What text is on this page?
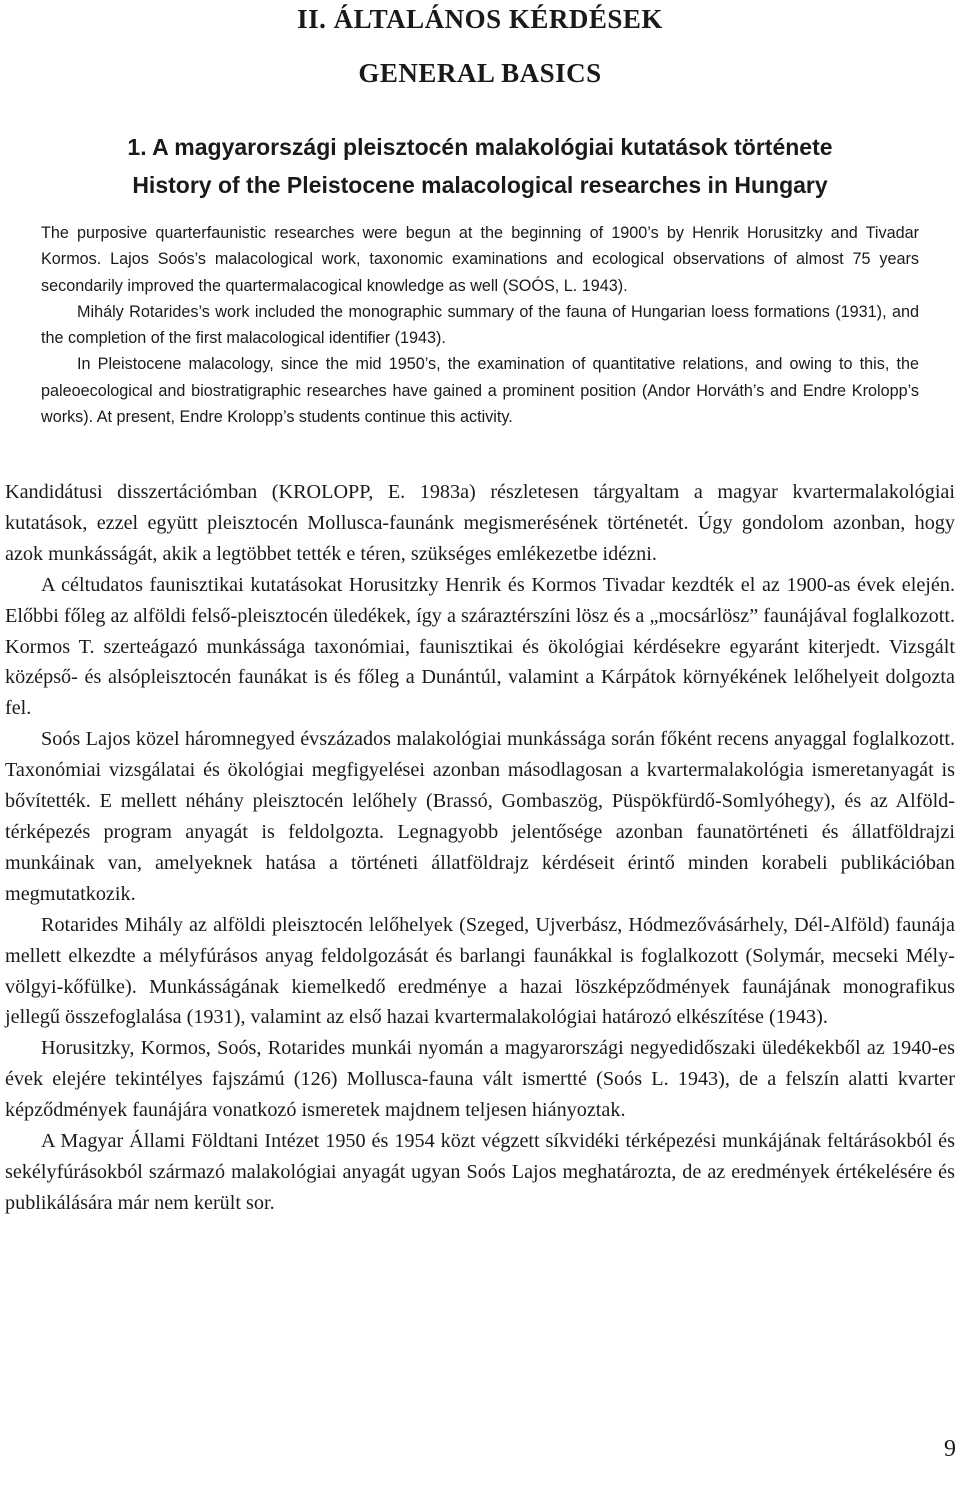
II. ÁLTALÁNOS KÉRDÉSEK
GENERAL BASICS
1. A magyarországi pleisztocén malakológiai kutatások története
History of the Pleistocene malacological researches in Hungary

The purposive quarterfaunistic researches were begun at the beginning of 1900’s by Henrik Horusitzky and Tivadar Kormos. Lajos Soós’s malacological work, taxonomic examinations and ecological observations of almost 75 years secondarily improved the quartermalacogical knowledge as well (SOÓS, L. 1943).

Mihály Rotarides’s work included the monographic summary of the fauna of Hungarian loess formations (1931), and the completion of the first malacological identifier (1943).

In Pleistocene malacology, since the mid 1950’s, the examination of quantitative relations, and owing to this, the paleoecological and biostratigraphic researches have gained a prominent position (Andor Horváth’s and Endre Krolopp’s works). At present, Endre Krolopp’s students continue this activity.

Kandidátusi disszertációmban (KROLOPP, E. 1983a) részletesen tárgyaltam a magyar kvartermalakológiai kutatások, ezzel együtt pleisztocén Mollusca-faunánk megismerésének történetét. Úgy gondolom azonban, hogy azok munkásságát, akik a legtöbbet tették e téren, szükséges emlékezetbe idézni.

A céltudatos faunisztikai kutatásokat Horusitzky Henrik és Kormos Tivadar kezdték el az 1900-as évek elején. Előbbi főleg az alföldi felső-pleisztocén üledékek, így a száraztérszíni lösz és a „mocsárlösz” faunájával foglalkozott. Kormos T. szerteágazó munkássága taxonómiai, faunisztikai és ökológiai kérdésekre egyaránt kiterjedt. Vizsgált középső- és alsópleisztocén faunákat is és főleg a Dunántúl, valamint a Kárpátok környékének lelőhelyeit dolgozta fel.

Soós Lajos közel háromnegyed évszázados malakológiai munkássága során főként recens anyaggal foglalkozott. Taxonómiai vizsgálatai és ökológiai megfigyelései azonban másodlagosan a kvartermalakológia ismeretanyagát is bővítették. E mellett néhány pleisztocén lelőhely (Brassó, Gombaszög, Püspökfürdő-Somlyóhegy), és az Alföld-térképezés program anyagát is feldolgozta. Legnagyobb jelentősége azonban faunatörténeti és állatföldrajzi munkáinak van, amelyeknek hatása a történeti állatföldrajz kérdéseit érintő minden korabeli publikációban megmutatkozik.

Rotarides Mihály az alföldi pleisztocén lelőhelyek (Szeged, Ujverbász, Hódmezővásárhely, Dél-Alföld) faunája mellett elkezdte a mélyfúrásos anyag feldolgozását és barlangi faunákkal is foglalkozott (Solymár, mecseki Mély-völgyi-kőfülke). Munkásságának kiemelkedő eredménye a hazai löszképződmények faunájának monografikus jellegű összefoglalása (1931), valamint az első hazai kvartermalakológiai határozó elkészítése (1943).

Horusitzky, Kormos, Soós, Rotarides munkái nyomán a magyarországi negyedidőszaki üledékekből az 1940-es évek elejére tekintélyes fajszámú (126) Mollusca-fauna vált ismertté (Soós L. 1943), de a felszín alatti kvarter képződmények faunájára vonatkozó ismeretek majdnem teljesen hiányoztak.

A Magyar Állami Földtani Intézet 1950 és 1954 közt végzett síkvidéki térképezési munkájának feltárásokból és sekélyfúrásokból származó malakológiai anyagát ugyan Soós Lajos meghatározta, de az eredmények értékelésére és publikálására már nem került sor.

9
